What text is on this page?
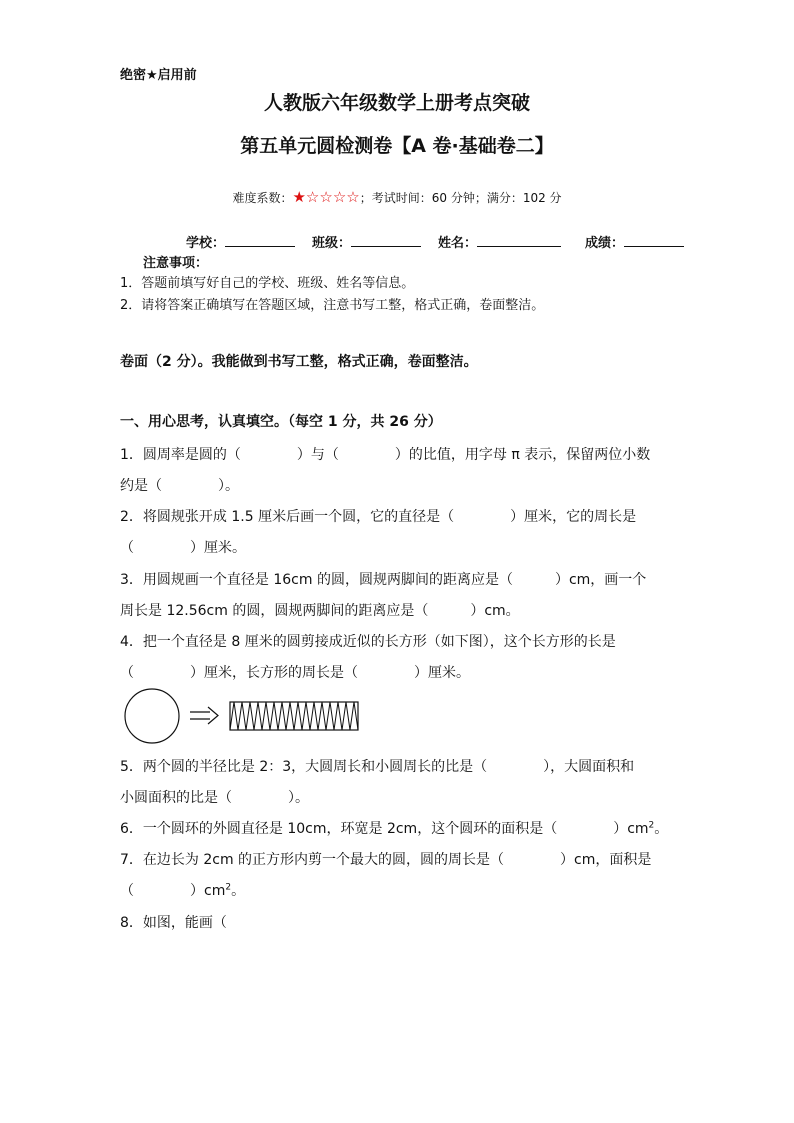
绝密★启用前
人教版六年级数学上册考点突破
第五单元圆检测卷【A 卷·基础卷二】
难度系数：★☆☆☆☆；考试时间：60 分钟；满分：102 分
学校：	班级：	姓名：	成绩：
注意事项：
1．答题前填写好自己的学校、班级、姓名等信息。
2．请将答案正确填写在答题区域，注意书写工整，格式正确，卷面整洁。
卷面（2 分）。我能做到书写工整，格式正确，卷面整洁。
一、用心思考，认真填空。（每空 1 分，共 26 分）
1．圆周率是圆的（　　　　）与（　　　　）的比值，用字母 π 表示，保留两位小数
约是（　　　　）。
2．将圆规张开成 1.5 厘米后画一个圆，它的直径是（　　　　）厘米，它的周长是
（　　　　）厘米。
3．用圆规画一个直径是 16cm 的圆，圆规两脚间的距离应是（　　　）cm，画一个
周长是 12.56cm 的圆，圆规两脚间的距离应是（　　　）cm。
4．把一个直径是 8 厘米的圆剪接成近似的长方形（如下图），这个长方形的长是
（　　　　）厘米，长方形的周长是（　　　　）厘米。
5．两个圆的半径比是 2：3，大圆周长和小圆周长的比是（　　　　），大圆面积和
小圆面积的比是（　　　　）。
6．一个圆环的外圆直径是 10cm，环宽是 2cm，这个圆环的面积是（　　　　）$cm^2$。
7．在边长为 2cm 的正方形内剪一个最大的圆，圆的周长是（　　　　）cm，面积是
（　　　　）$cm^2$。
8．如图，能画（
